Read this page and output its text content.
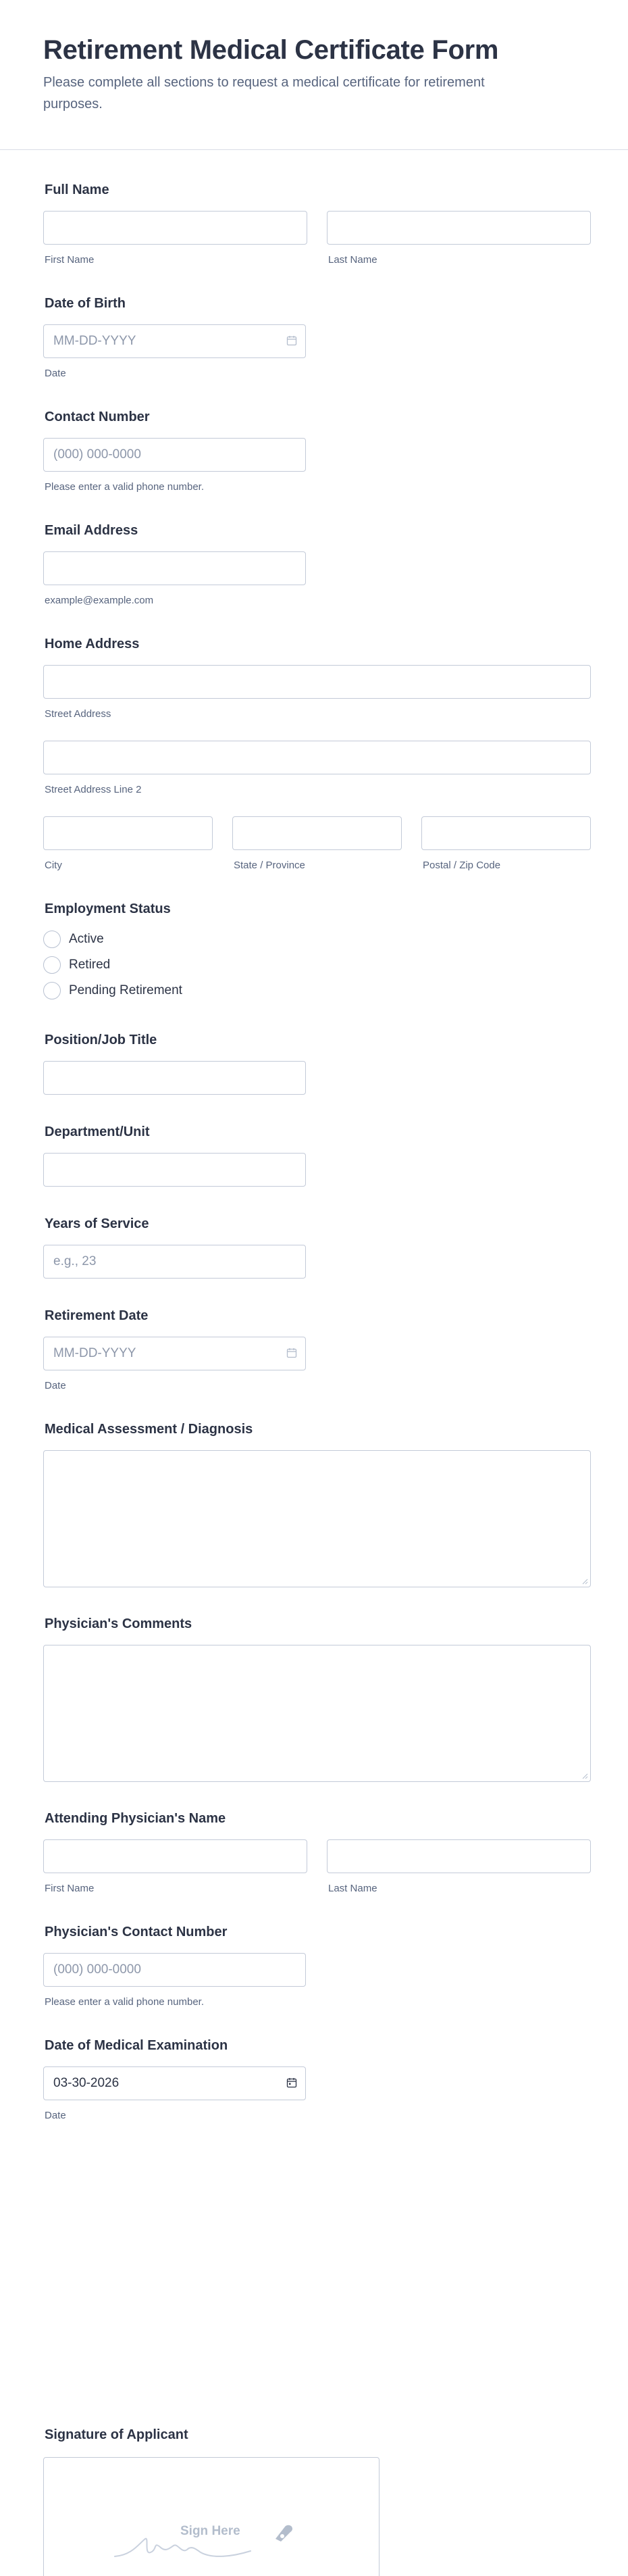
Retirement Medical Certificate Form
Please complete all sections to request a medical certificate for retirement purposes.
Full Name
First Name	Last Name
Date of Birth
MM-DD-YYYY
Date
Contact Number
(000) 000-0000
Please enter a valid phone number.
Email Address
example@example.com
Home Address
Street Address
Street Address Line 2
City	State / Province	Postal / Zip Code
Employment Status
Active
Retired
Pending Retirement
Position/Job Title
Department/Unit
Years of Service
e.g., 23
Retirement Date
MM-DD-YYYY
Date
Medical Assessment / Diagnosis
Physician's Comments
Attending Physician's Name
First Name	Last Name
Physician's Contact Number
(000) 000-0000
Please enter a valid phone number.
Date of Medical Examination
03-30-2026
Date
Signature of Applicant
Sign Here
